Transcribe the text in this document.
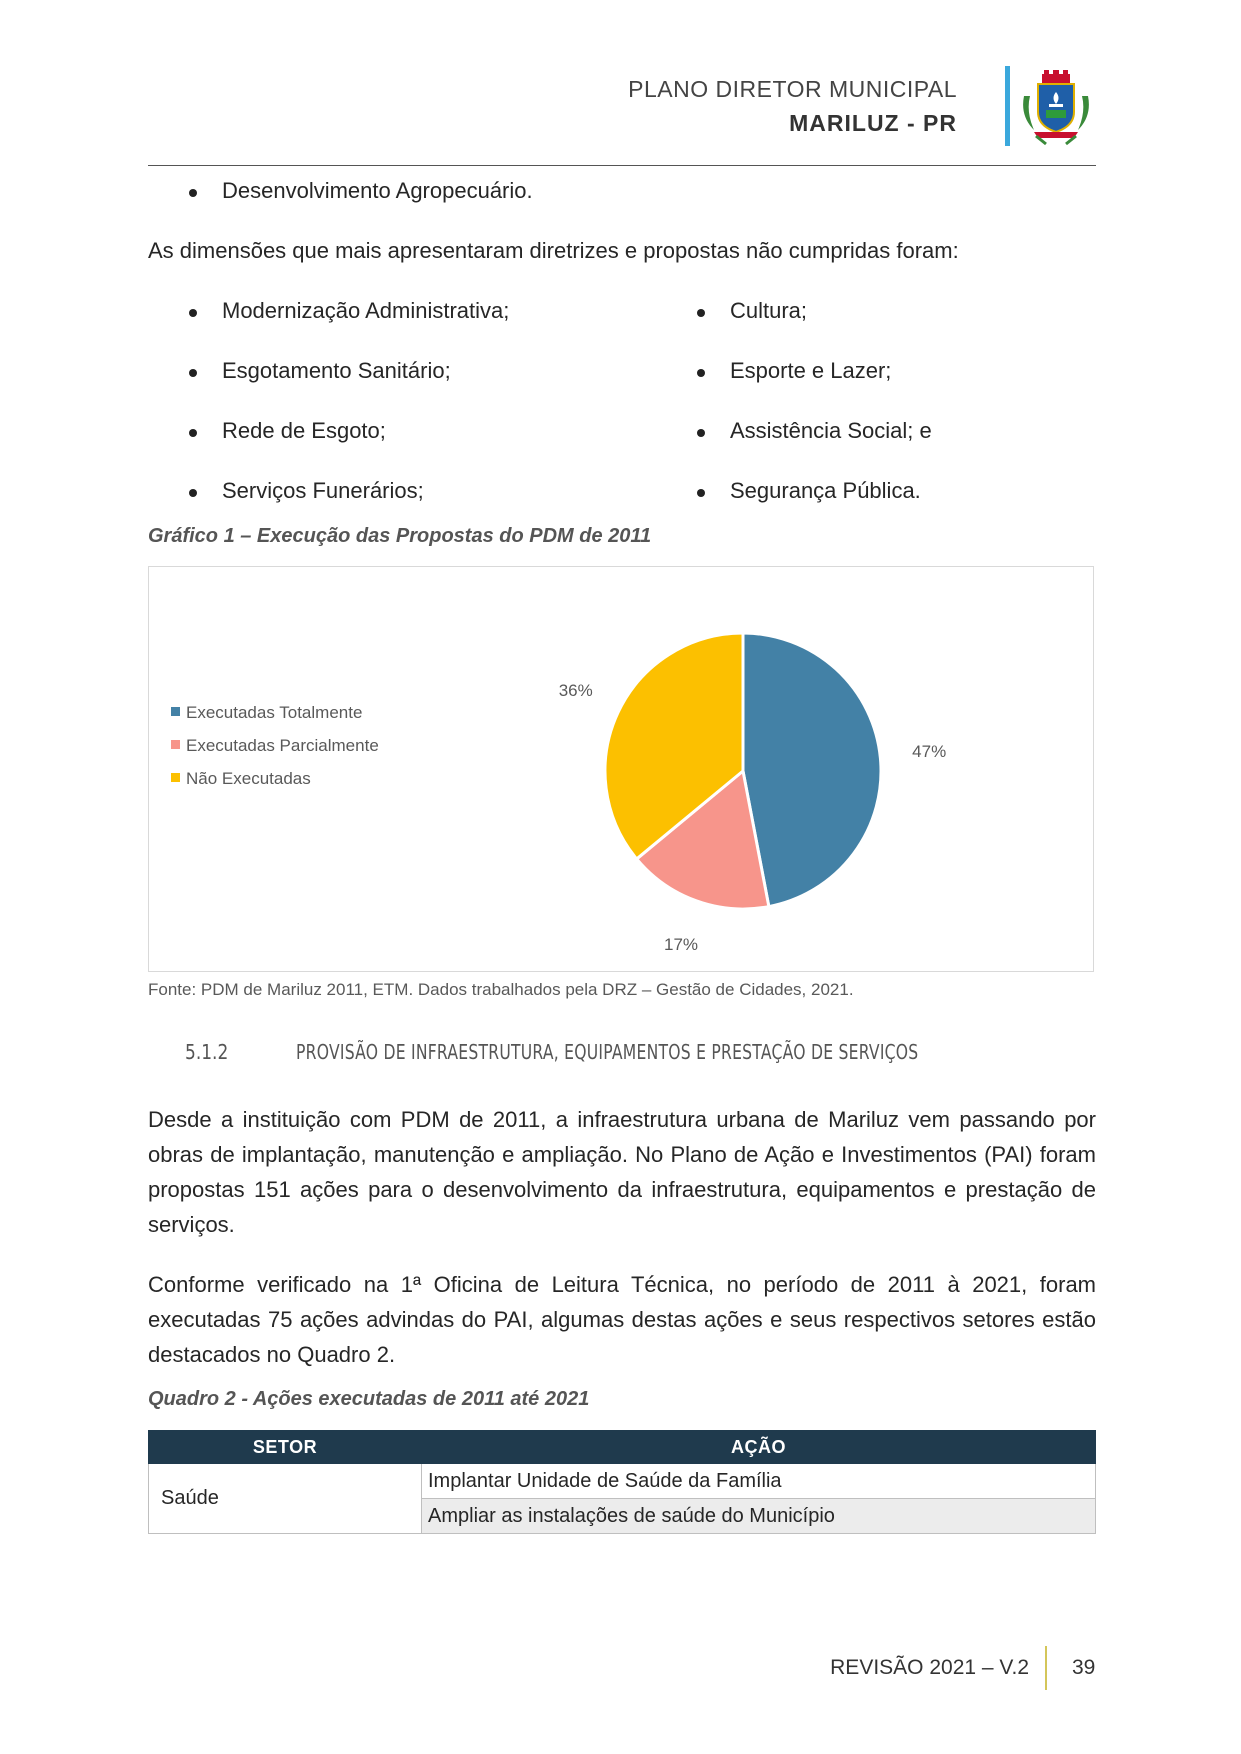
PLANO DIRETOR MUNICIPAL
MARILUZ - PR
Desenvolvimento Agropecuário.
As dimensões que mais apresentaram diretrizes e propostas não cumpridas foram:
Modernização Administrativa;
Esgotamento Sanitário;
Rede de Esgoto;
Serviços Funerários;
Cultura;
Esporte e Lazer;
Assistência Social; e
Segurança Pública.
Gráfico 1 – Execução das Propostas do PDM de 2011
Executadas Totalmente
Executadas Parcialmente
Não Executadas
47%
17%
36%
Fonte: PDM de Mariluz 2011, ETM. Dados trabalhados pela DRZ – Gestão de Cidades, 2021.
5.1.2	PROVISÃO DE INFRAESTRUTURA, EQUIPAMENTOS E PRESTAÇÃO DE SERVIÇOS
Desde a instituição com PDM de 2011, a infraestrutura urbana de Mariluz vem passando por obras de implantação, manutenção e ampliação. No Plano de Ação e Investimentos (PAI) foram propostas 151 ações para o desenvolvimento da infraestrutura, equipamentos e prestação de serviços.
Conforme verificado na 1ª Oficina de Leitura Técnica, no período de 2011 à 2021, foram executadas 75 ações advindas do PAI, algumas destas ações e seus respectivos setores estão destacados no Quadro 2.
Quadro 2 - Ações executadas de 2011 até 2021
SETOR	AÇÃO
Saúde	Implantar Unidade de Saúde da Família
	Ampliar as instalações de saúde do Município
REVISÃO 2021 – V.2 39
